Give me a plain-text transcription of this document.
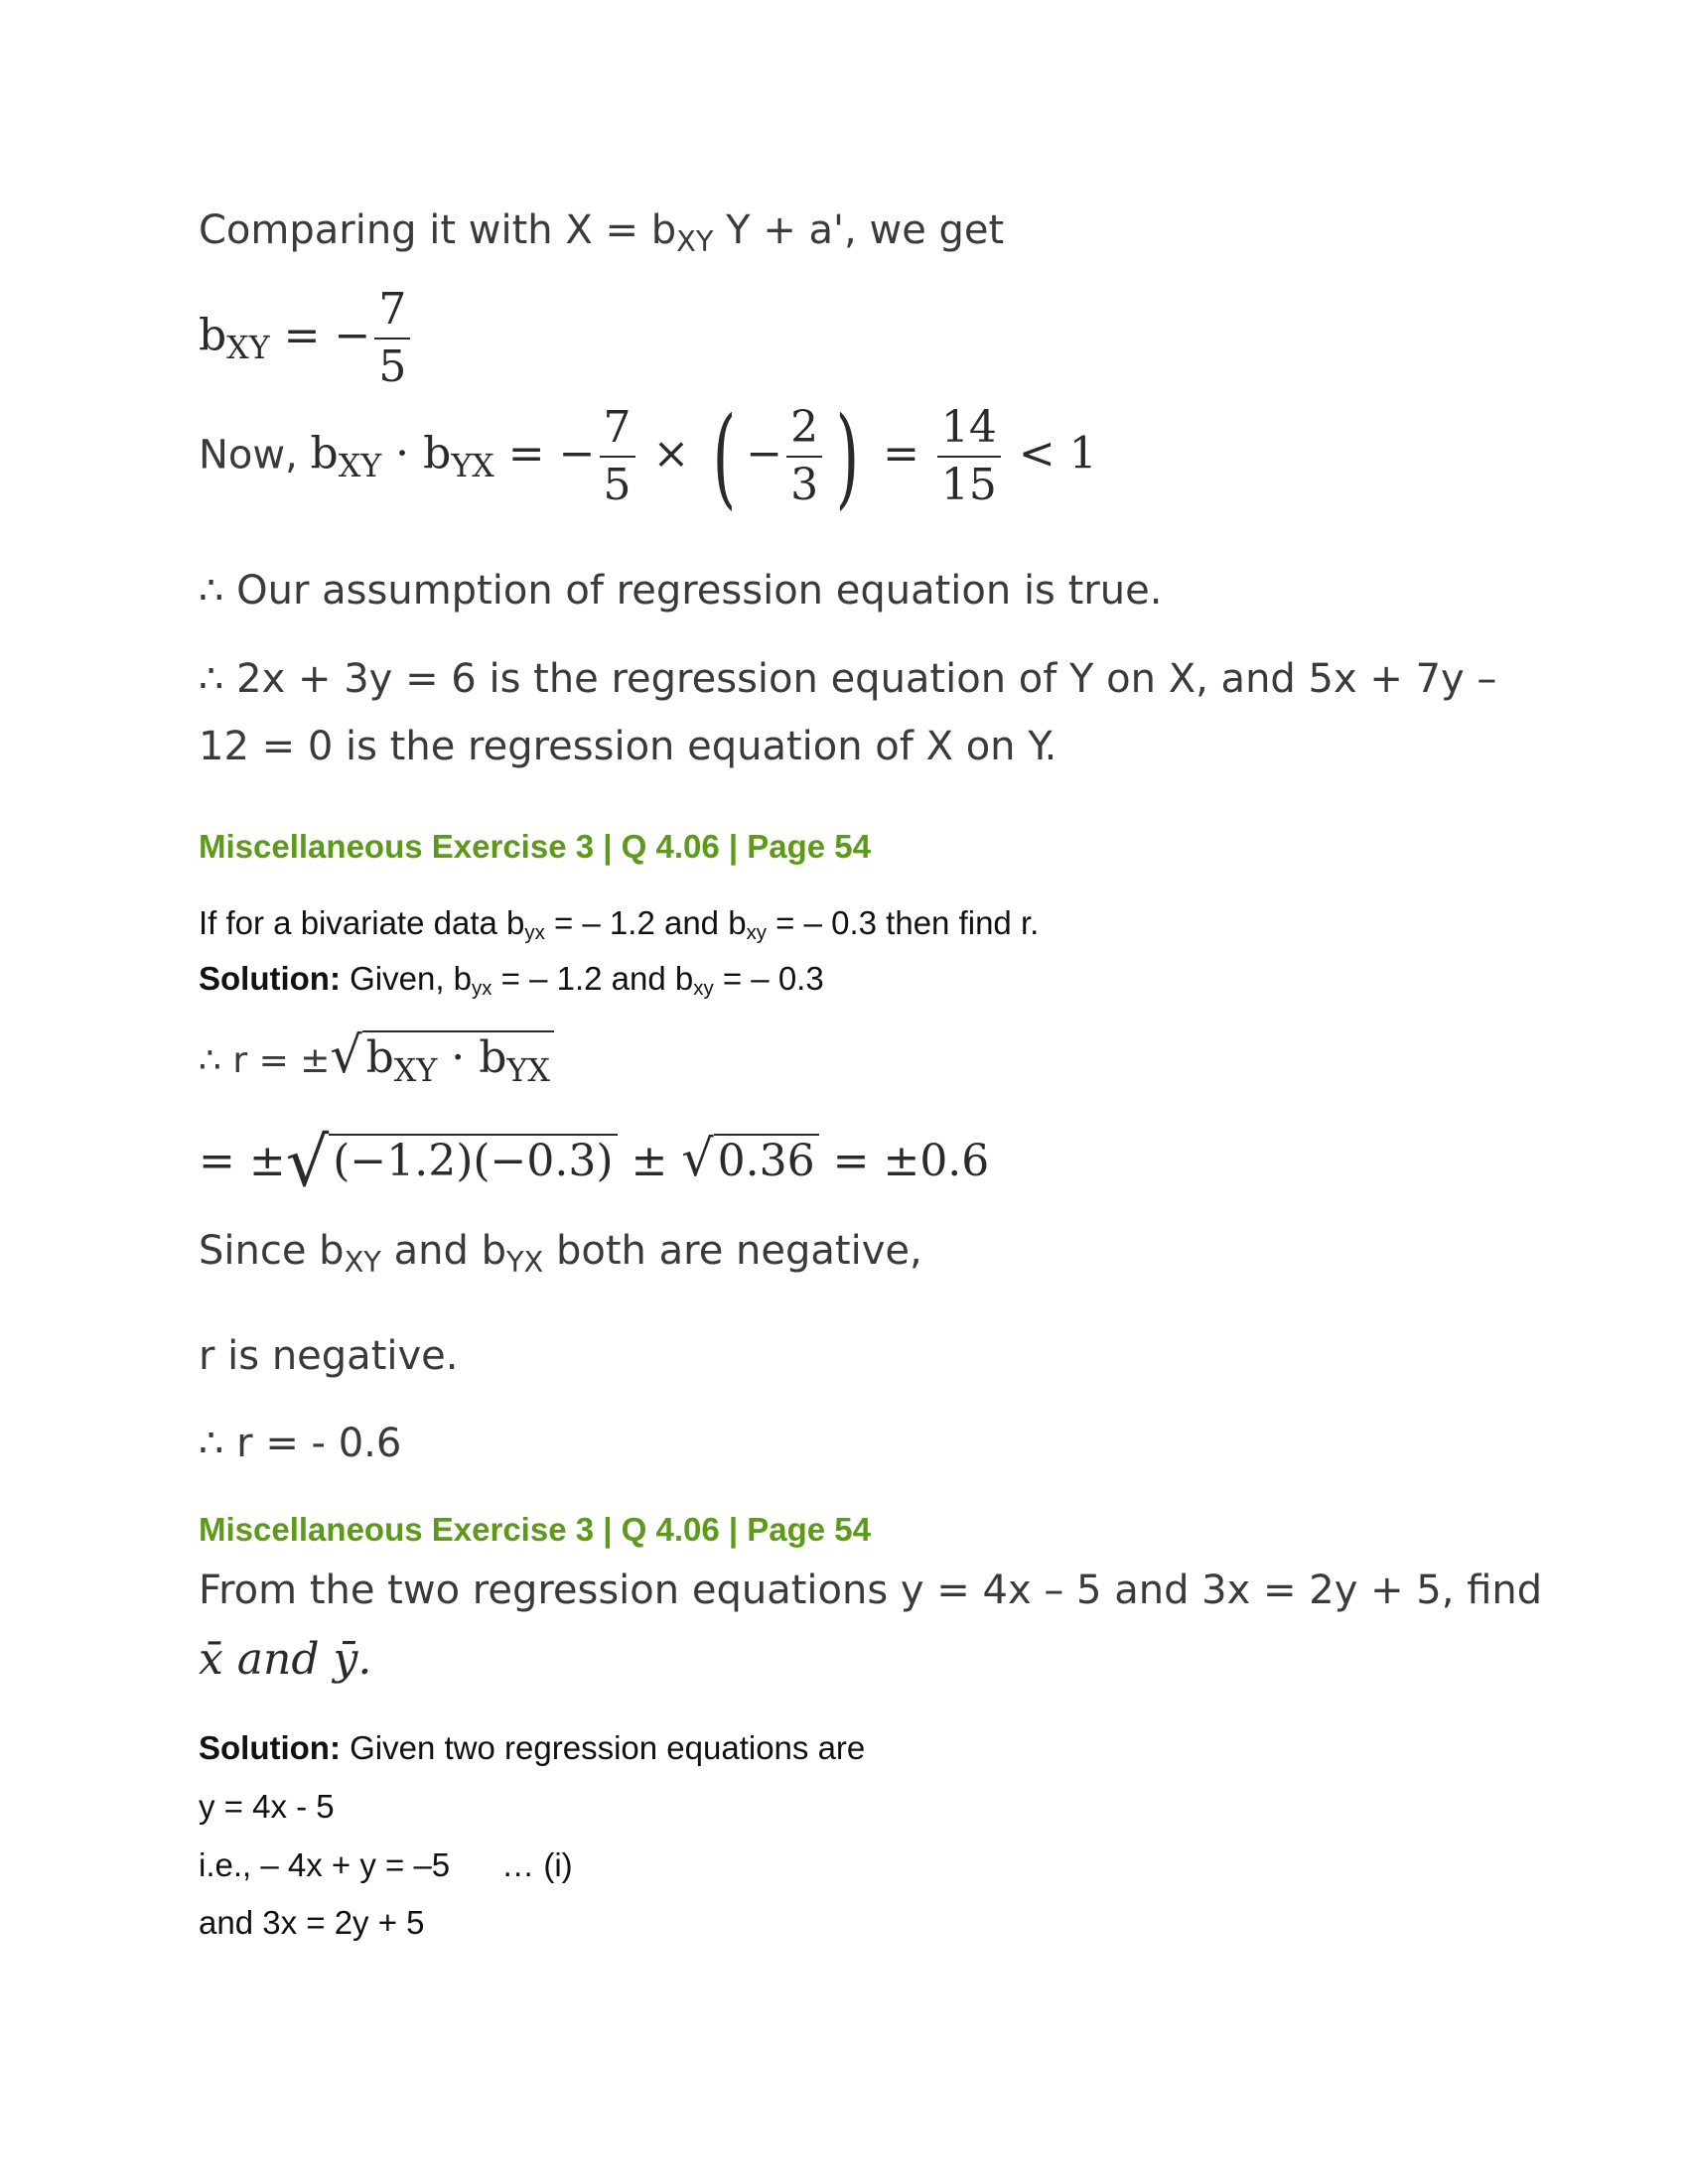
Comparing it with $X = b_{XY}$ Y + a', we get
$b_{XY}$ = − $\frac{7}{5}$
Now, $b_{XY} \cdot b_{YX}$ = − $\frac{7}{5}$ × ( − $\frac{2}{3}$ ) = $\frac{14}{15} < 1$
∴ Our assumption of regression equation is true.
∴ 2x + 3y = 6 is the regression equation of Y on X, and 5x + 7y –
12 = 0 is the regression equation of X on Y.
Miscellaneous Exercise 3 | Q 4.06 | Page 54
If for a bivariate data byx = – 1.2 and bxy = – 0.3 then find r.
Solution: Given, byx = – 1.2 and bxy = – 0.3
∴ $r = \pm√b_{XY} \cdot b_{YX}$
= ±√(−1.2)(−0.3) ± √0.36 = ±0.6
Since $b_{XY}$ and $b_{YX}$ both are negative,
r is negative.
∴ r = - 0.6
Miscellaneous Exercise 3 | Q 4.06 | Page 54
From the two regression equations y = 4x – 5 and 3x = 2y + 5, find
x̄ and ȳ.
Solution: Given two regression equations are
y = 4x - 5
i.e., – 4x + y = –5 … (i)
and 3x = 2y + 5
